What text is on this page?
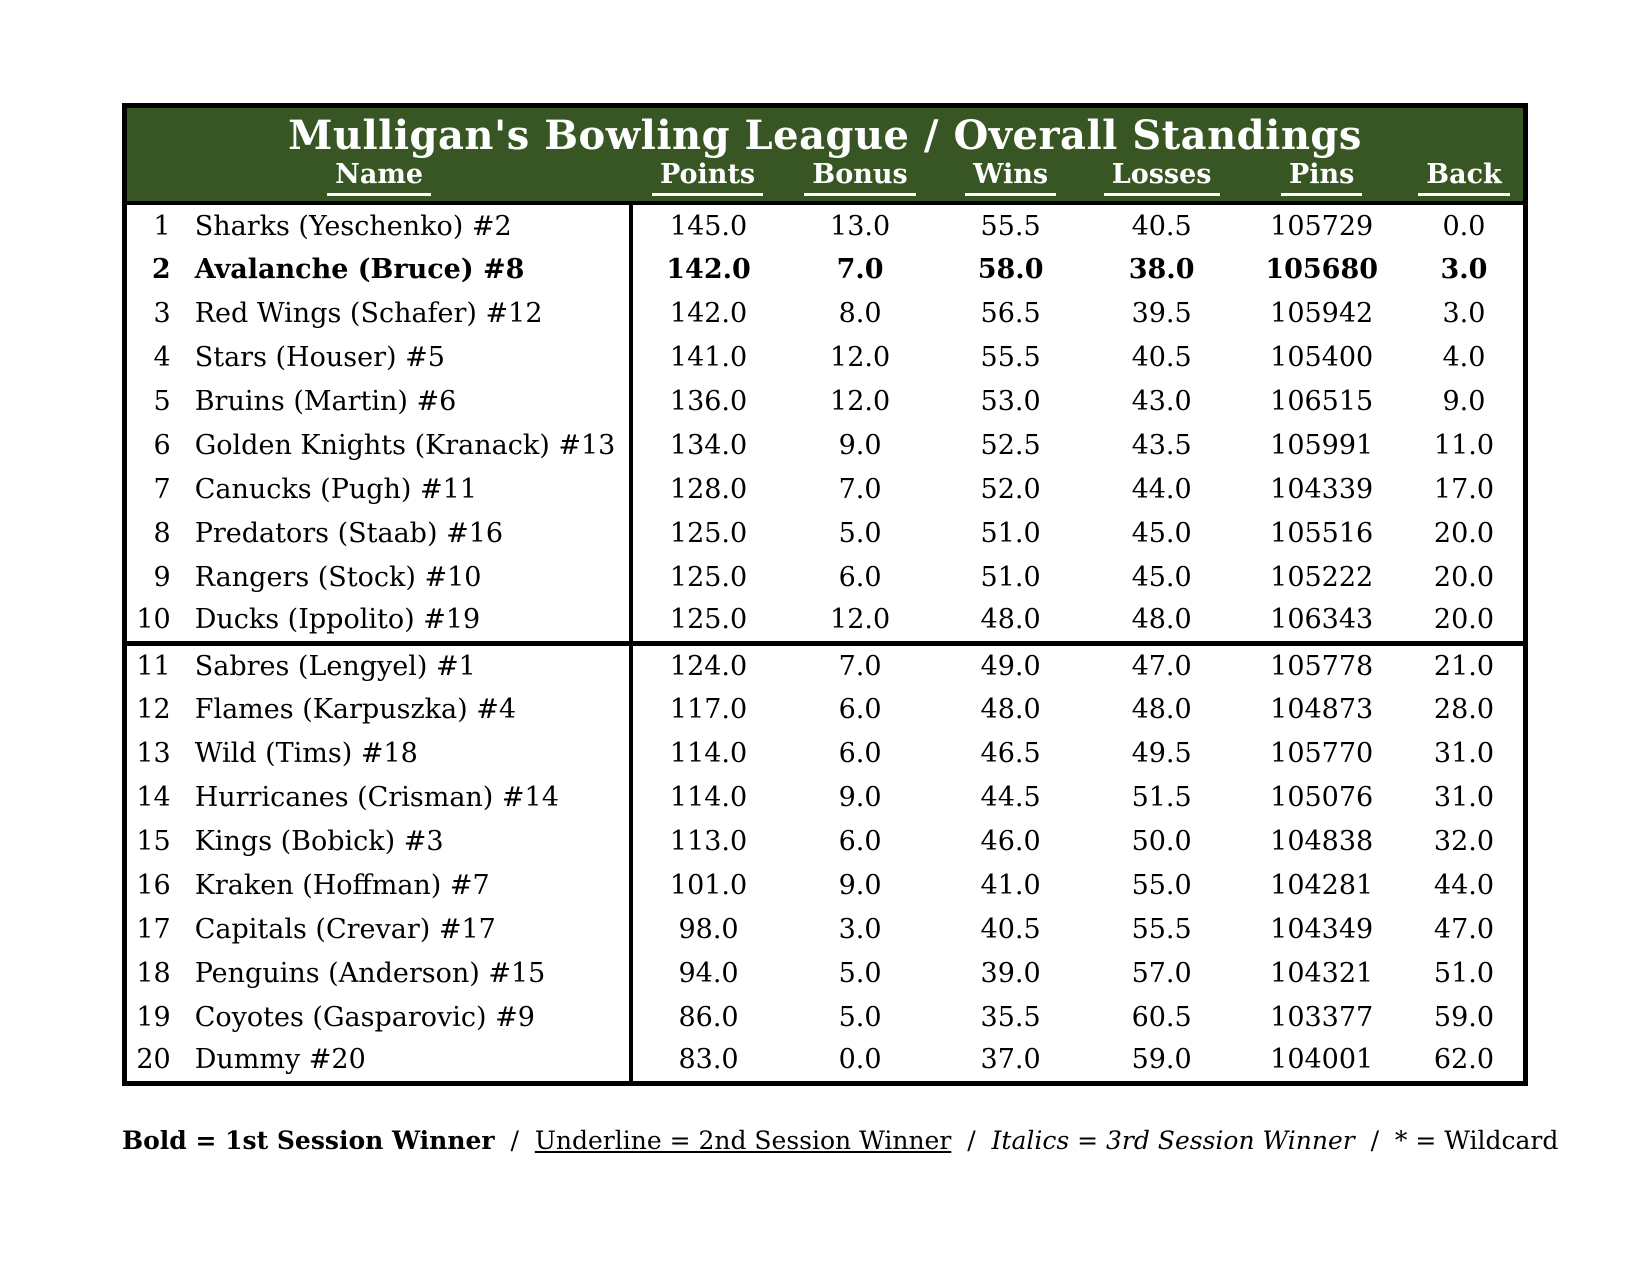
Mulligan's Bowling League / Overall Standings							
Name		Points	Bonus	Wins	Losses	Pins	Back
1	Sharks (Yeschenko) #2	145.0	13.0	55.5	40.5	105729	0.0
2	Avalanche (Bruce) #8	142.0	7.0	58.0	38.0	105680	3.0
3	Red Wings (Schafer) #12	142.0	8.0	56.5	39.5	105942	3.0
4	Stars (Houser) #5	141.0	12.0	55.5	40.5	105400	4.0
5	Bruins (Martin) #6	136.0	12.0	53.0	43.0	106515	9.0
6	Golden Knights (Kranack) #13	134.0	9.0	52.5	43.5	105991	11.0
7	Canucks (Pugh) #11	128.0	7.0	52.0	44.0	104339	17.0
8	Predators (Staab) #16	125.0	5.0	51.0	45.0	105516	20.0
9	Rangers (Stock) #10	125.0	6.0	51.0	45.0	105222	20.0
10	Ducks (Ippolito) #19	125.0	12.0	48.0	48.0	106343	20.0
11	Sabres (Lengyel) #1	124.0	7.0	49.0	47.0	105778	21.0
12	Flames (Karpuszka) #4	117.0	6.0	48.0	48.0	104873	28.0
13	Wild (Tims) #18	114.0	6.0	46.5	49.5	105770	31.0
14	Hurricanes (Crisman) #14	114.0	9.0	44.5	51.5	105076	31.0
15	Kings (Bobick) #3	113.0	6.0	46.0	50.0	104838	32.0
16	Kraken (Hoffman) #7	101.0	9.0	41.0	55.0	104281	44.0
17	Capitals (Crevar) #17	98.0	3.0	40.5	55.5	104349	47.0
18	Penguins (Anderson) #15	94.0	5.0	39.0	57.0	104321	51.0
19	Coyotes (Gasparovic) #9	86.0	5.0	35.5	60.5	103377	59.0
20	Dummy #20	83.0	0.0	37.0	59.0	104001	62.0
Bold = 1st Session Winner  /  Underline = 2nd Session Winner  /  Italics = 3rd Session Winner  /  * = Wildcard
